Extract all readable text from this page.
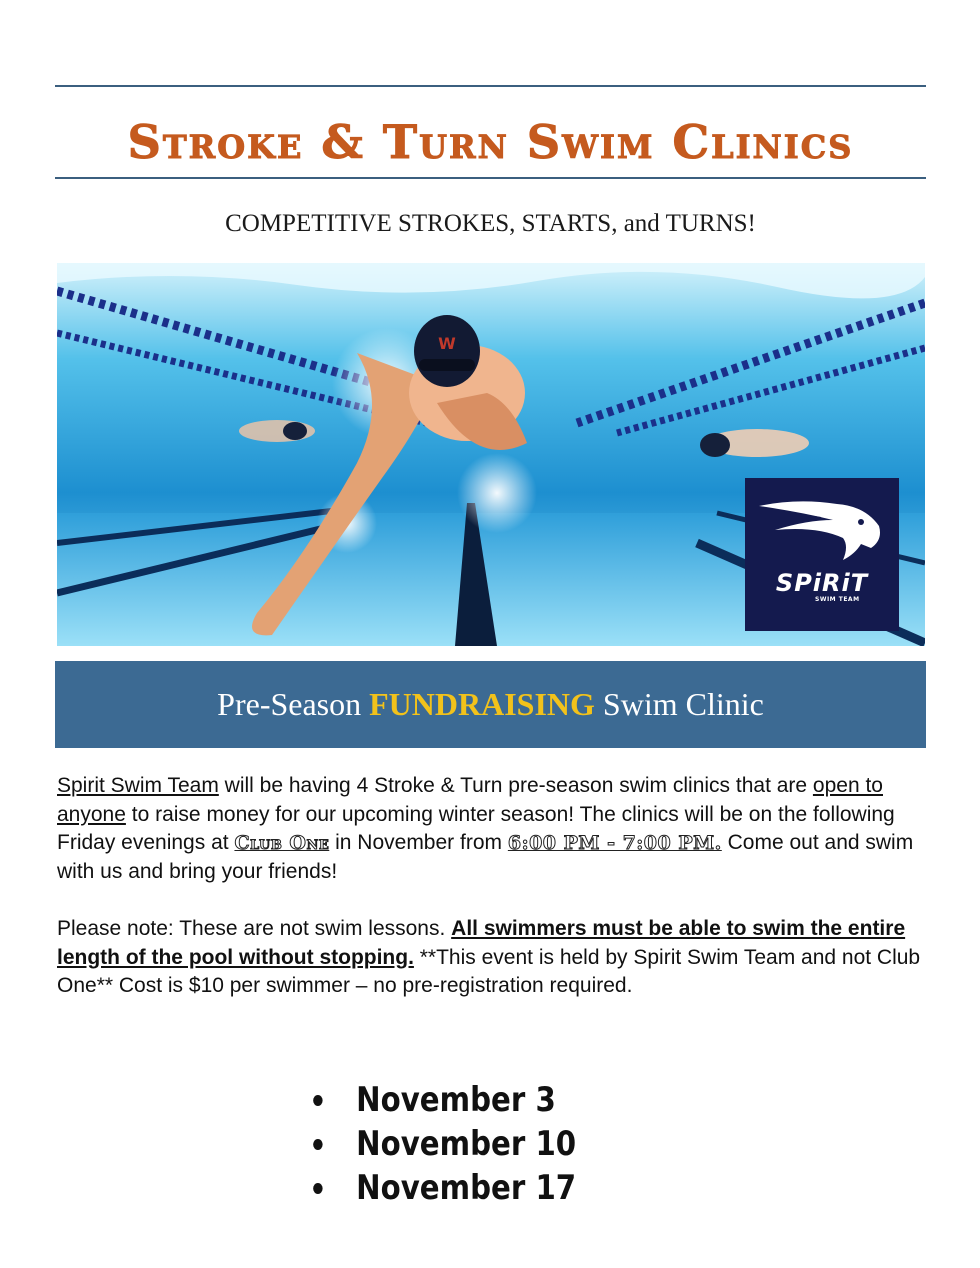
Stroke & Turn Swim Clinics
COMPETITIVE STROKES, STARTS, and TURNS!
W
SPiRiT
SWIM TEAM
Pre-Season FUNDRAISING Swim Clinic
Spirit Swim Team will be having 4 Stroke & Turn pre-season swim clinics that are open to anyone to raise money for our upcoming winter season! The clinics will be on the following Friday evenings at Club One in November from 6:00 PM - 7:00 PM. Come out and swim with us and bring your friends!
Please note: These are not swim lessons. All swimmers must be able to swim the entire length of the pool without stopping. **This event is held by Spirit Swim Team and not Club One** Cost is $10 per swimmer – no pre-registration required.
November 3
November 10
November 17
